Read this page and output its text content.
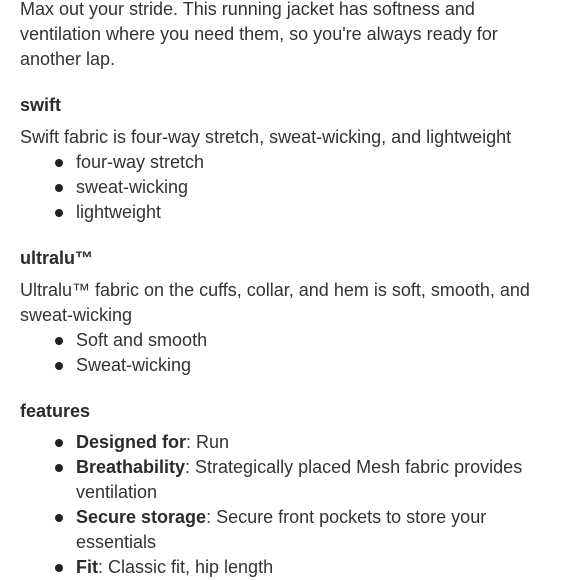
Max out your stride. This running jacket has softness and ventilation where you need them, so you're always ready for another lap.

swift

Swift fabric is four-way stretch, sweat-wicking, and lightweight

four-way stretch
sweat-wicking
lightweight
ultralu™

Ultralu™ fabric on the cuffs, collar, and hem is soft, smooth, and sweat-wicking

Soft and smooth
Sweat-wicking
features
Designed for: Run
Breathability: Strategically placed Mesh fabric provides ventilation
Secure storage: Secure front pockets to store your essentials
Fit: Classic fit, hip length
